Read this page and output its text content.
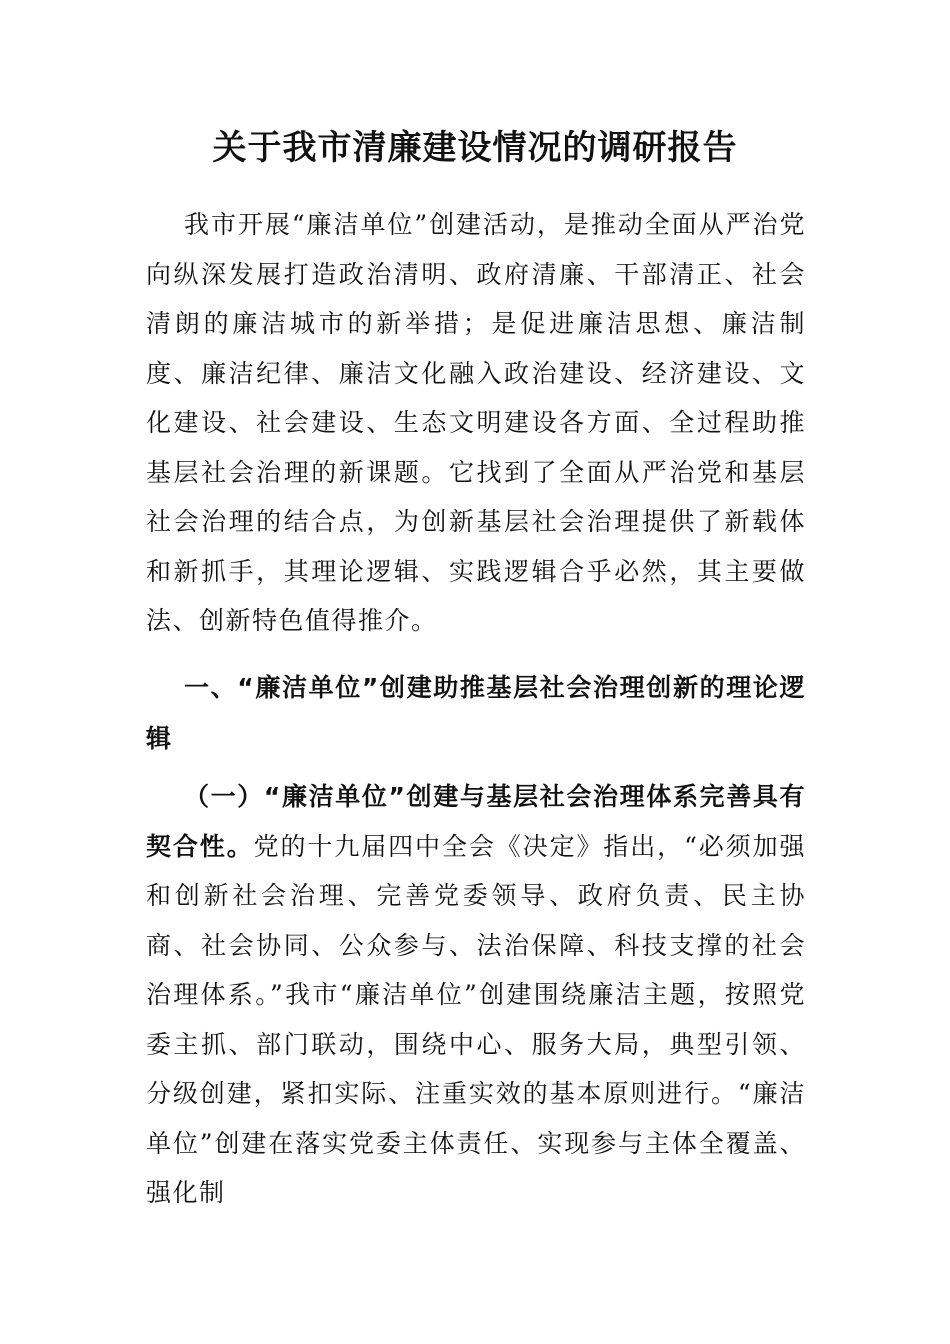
关于我市清廉建设情况的调研报告

我市开展“廉洁单位”创建活动，是推动全面从严治党向纵深发展打造政治清明、政府清廉、干部清正、社会清朗的廉洁城市的新举措；是促进廉洁思想、廉洁制度、廉洁纪律、廉洁文化融入政治建设、经济建设、文化建设、社会建设、生态文明建设各方面、全过程助推基层社会治理的新课题。它找到了全面从严治党和基层社会治理的结合点，为创新基层社会治理提供了新载体和新抓手，其理论逻辑、实践逻辑合乎必然，其主要做法、创新特色值得推介。

一、“廉洁单位”创建助推基层社会治理创新的理论逻辑

（一）“廉洁单位”创建与基层社会治理体系完善具有契合性。党的十九届四中全会《决定》指出，“必须加强和创新社会治理、完善党委领导、政府负责、民主协商、社会协同、公众参与、法治保障、科技支撑的社会治理体系。”我市“廉洁单位”创建围绕廉洁主题，按照党委主抓、部门联动，围绕中心、服务大局，典型引领、分级创建，紧扣实际、注重实效的基本原则进行。“廉洁单位”创建在落实党委主体责任、实现参与主体全覆盖、强化制
